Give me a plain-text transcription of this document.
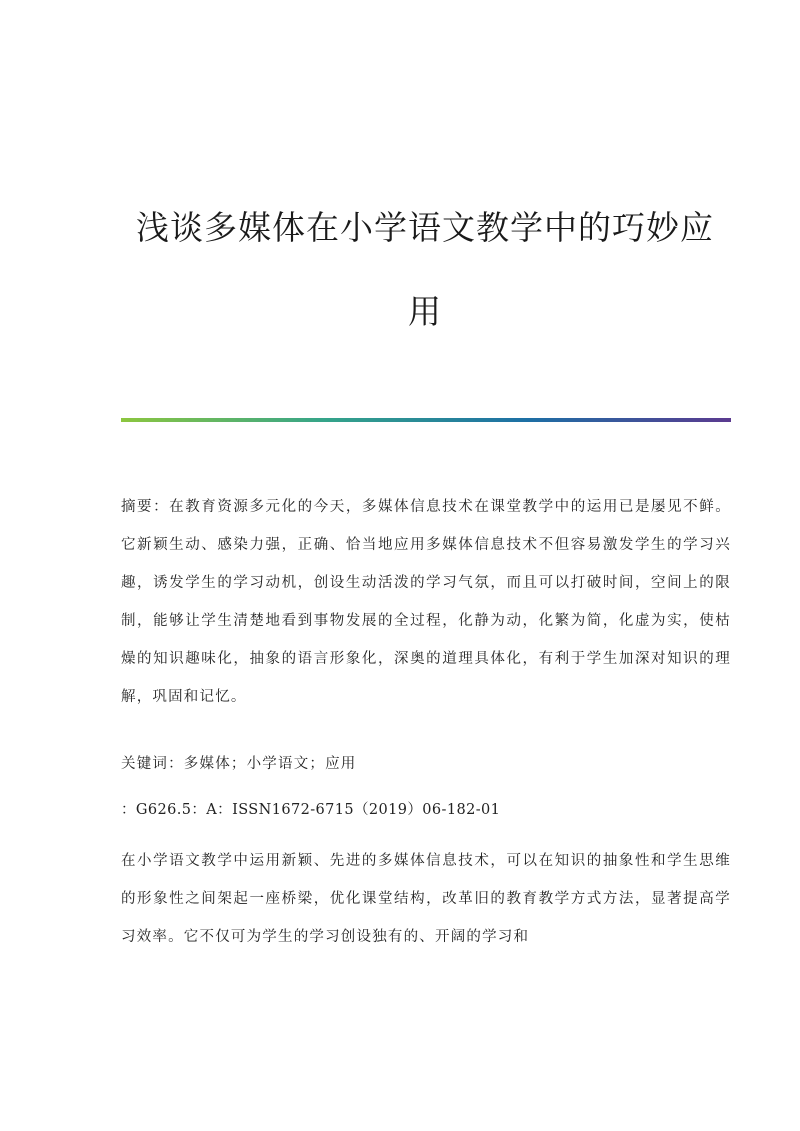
浅谈多媒体在小学语文教学中的巧妙应
用

摘要：在教育资源多元化的今天，多媒体信息技术在课堂教学中的运用已是屡见不鲜。它新颖生动、感染力强，正确、恰当地应用多媒体信息技术不但容易激发学生的学习兴趣，诱发学生的学习动机，创设生动活泼的学习气氛，而且可以打破时间，空间上的限制，能够让学生清楚地看到事物发展的全过程，化静为动，化繁为简，化虚为实，使枯燥的知识趣味化，抽象的语言形象化，深奥的道理具体化，有利于学生加深对知识的理解，巩固和记忆。

关键词：多媒体；小学语文；应用

：G626.5：A：ISSN1672-6715（2019）06-182-01

在小学语文教学中运用新颖、先进的多媒体信息技术，可以在知识的抽象性和学生思维的形象性之间架起一座桥梁，优化课堂结构，改革旧的教育教学方式方法，显著提高学习效率。它不仅可为学生的学习创设独有的、开阔的学习和
